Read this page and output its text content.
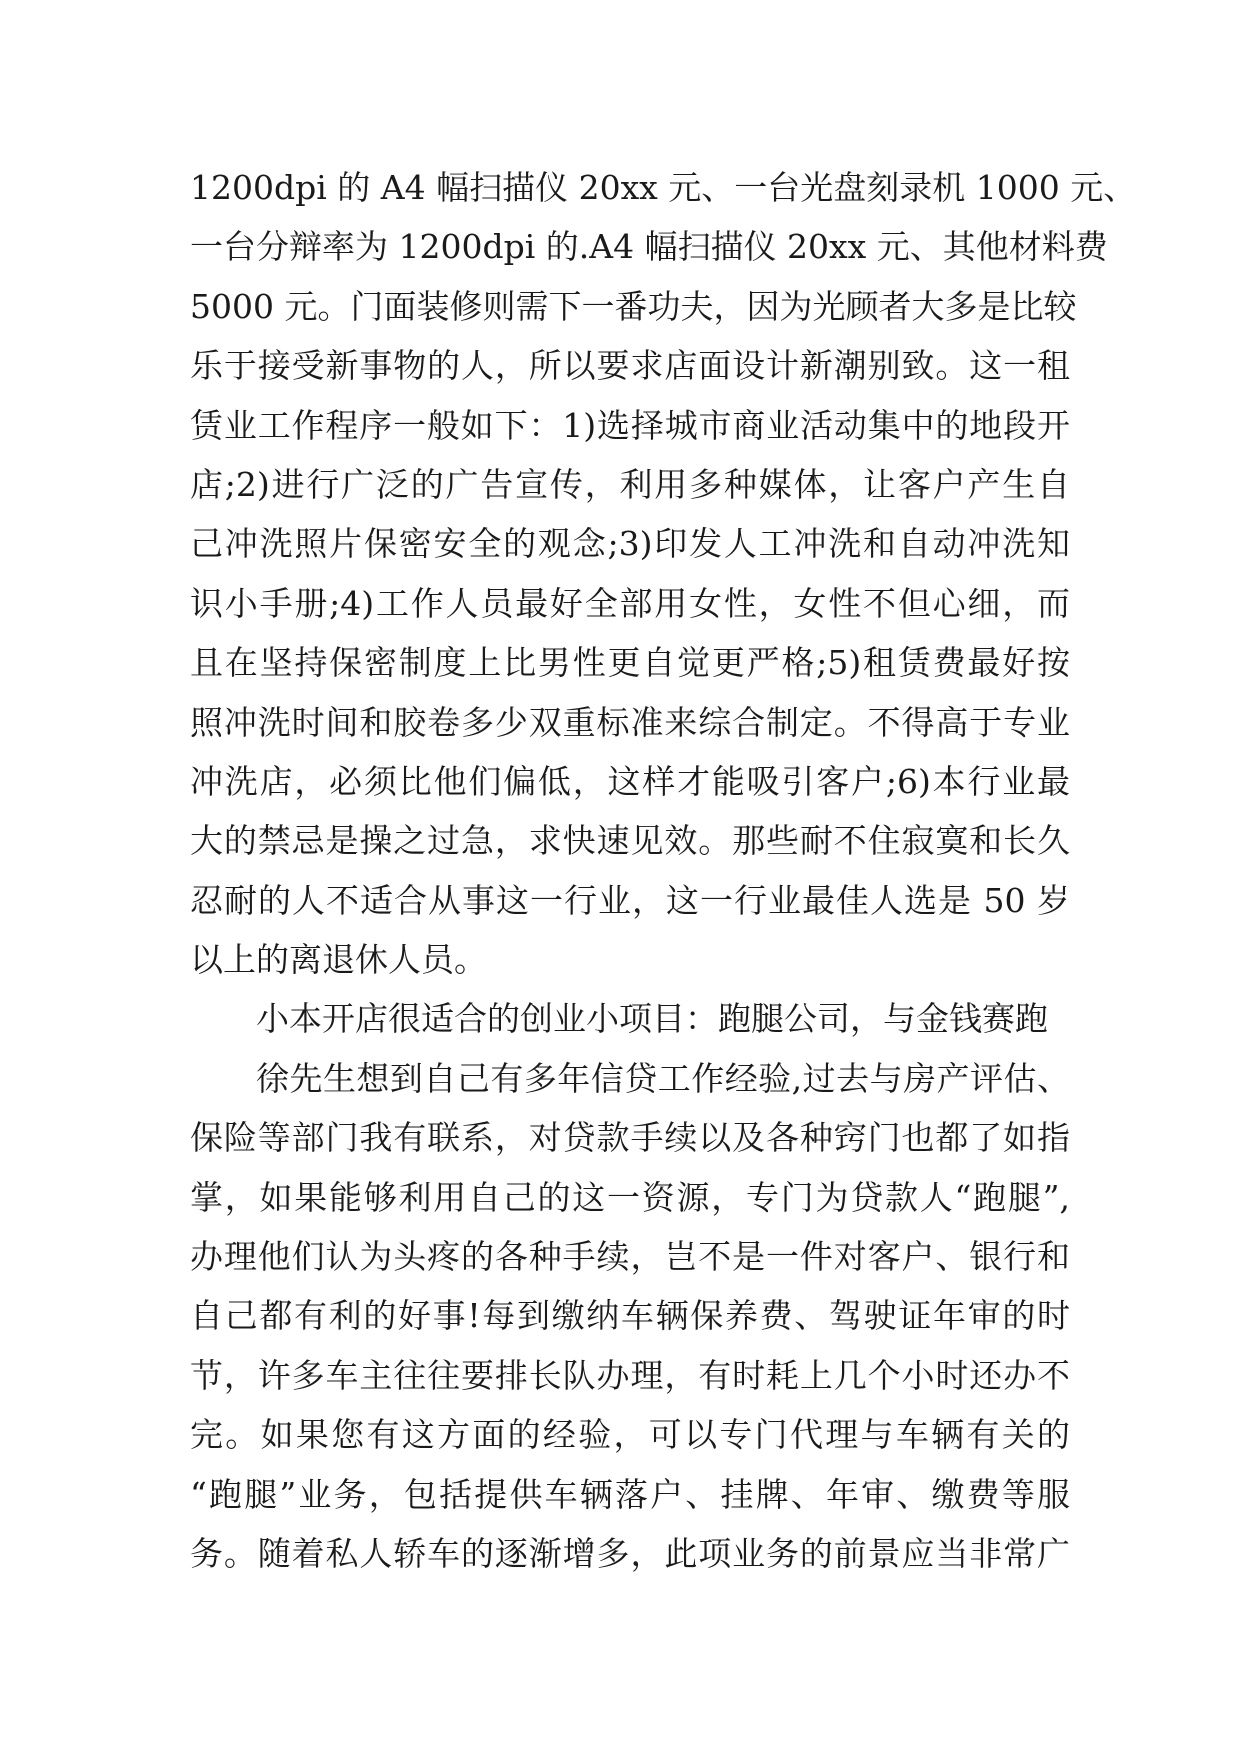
1200dpi 的 A4 幅扫描仪 20xx 元、一台光盘刻录机 1000 元、
一台分辩率为 1200dpi 的.A4 幅扫描仪 20xx 元、其他材料费
5000 元。门面装修则需下一番功夫，因为光顾者大多是比较
乐于接受新事物的人，所以要求店面设计新潮别致。这一租
赁业工作程序一般如下：1)选择城市商业活动集中的地段开
店;2)进行广泛的广告宣传，利用多种媒体，让客户产生自
己冲洗照片保密安全的观念;3)印发人工冲洗和自动冲洗知
识小手册;4)工作人员最好全部用女性，女性不但心细，而
且在坚持保密制度上比男性更自觉更严格;5)租赁费最好按
照冲洗时间和胶卷多少双重标准来综合制定。不得高于专业
冲洗店，必须比他们偏低，这样才能吸引客户;6)本行业最
大的禁忌是操之过急，求快速见效。那些耐不住寂寞和长久
忍耐的人不适合从事这一行业，这一行业最佳人选是 50 岁
以上的离退休人员。
小本开店很适合的创业小项目：跑腿公司，与金钱赛跑
徐先生想到自己有多年信贷工作经验,过去与房产评估、
保险等部门我有联系，对贷款手续以及各种窍门也都了如指
掌，如果能够利用自己的这一资源，专门为贷款人“跑腿”,
办理他们认为头疼的各种手续，岂不是一件对客户、银行和
自己都有利的好事!每到缴纳车辆保养费、驾驶证年审的时
节，许多车主往往要排长队办理，有时耗上几个小时还办不
完。如果您有这方面的经验，可以专门代理与车辆有关的
“跑腿”业务，包括提供车辆落户、挂牌、年审、缴费等服
务。随着私人轿车的逐渐增多，此项业务的前景应当非常广
